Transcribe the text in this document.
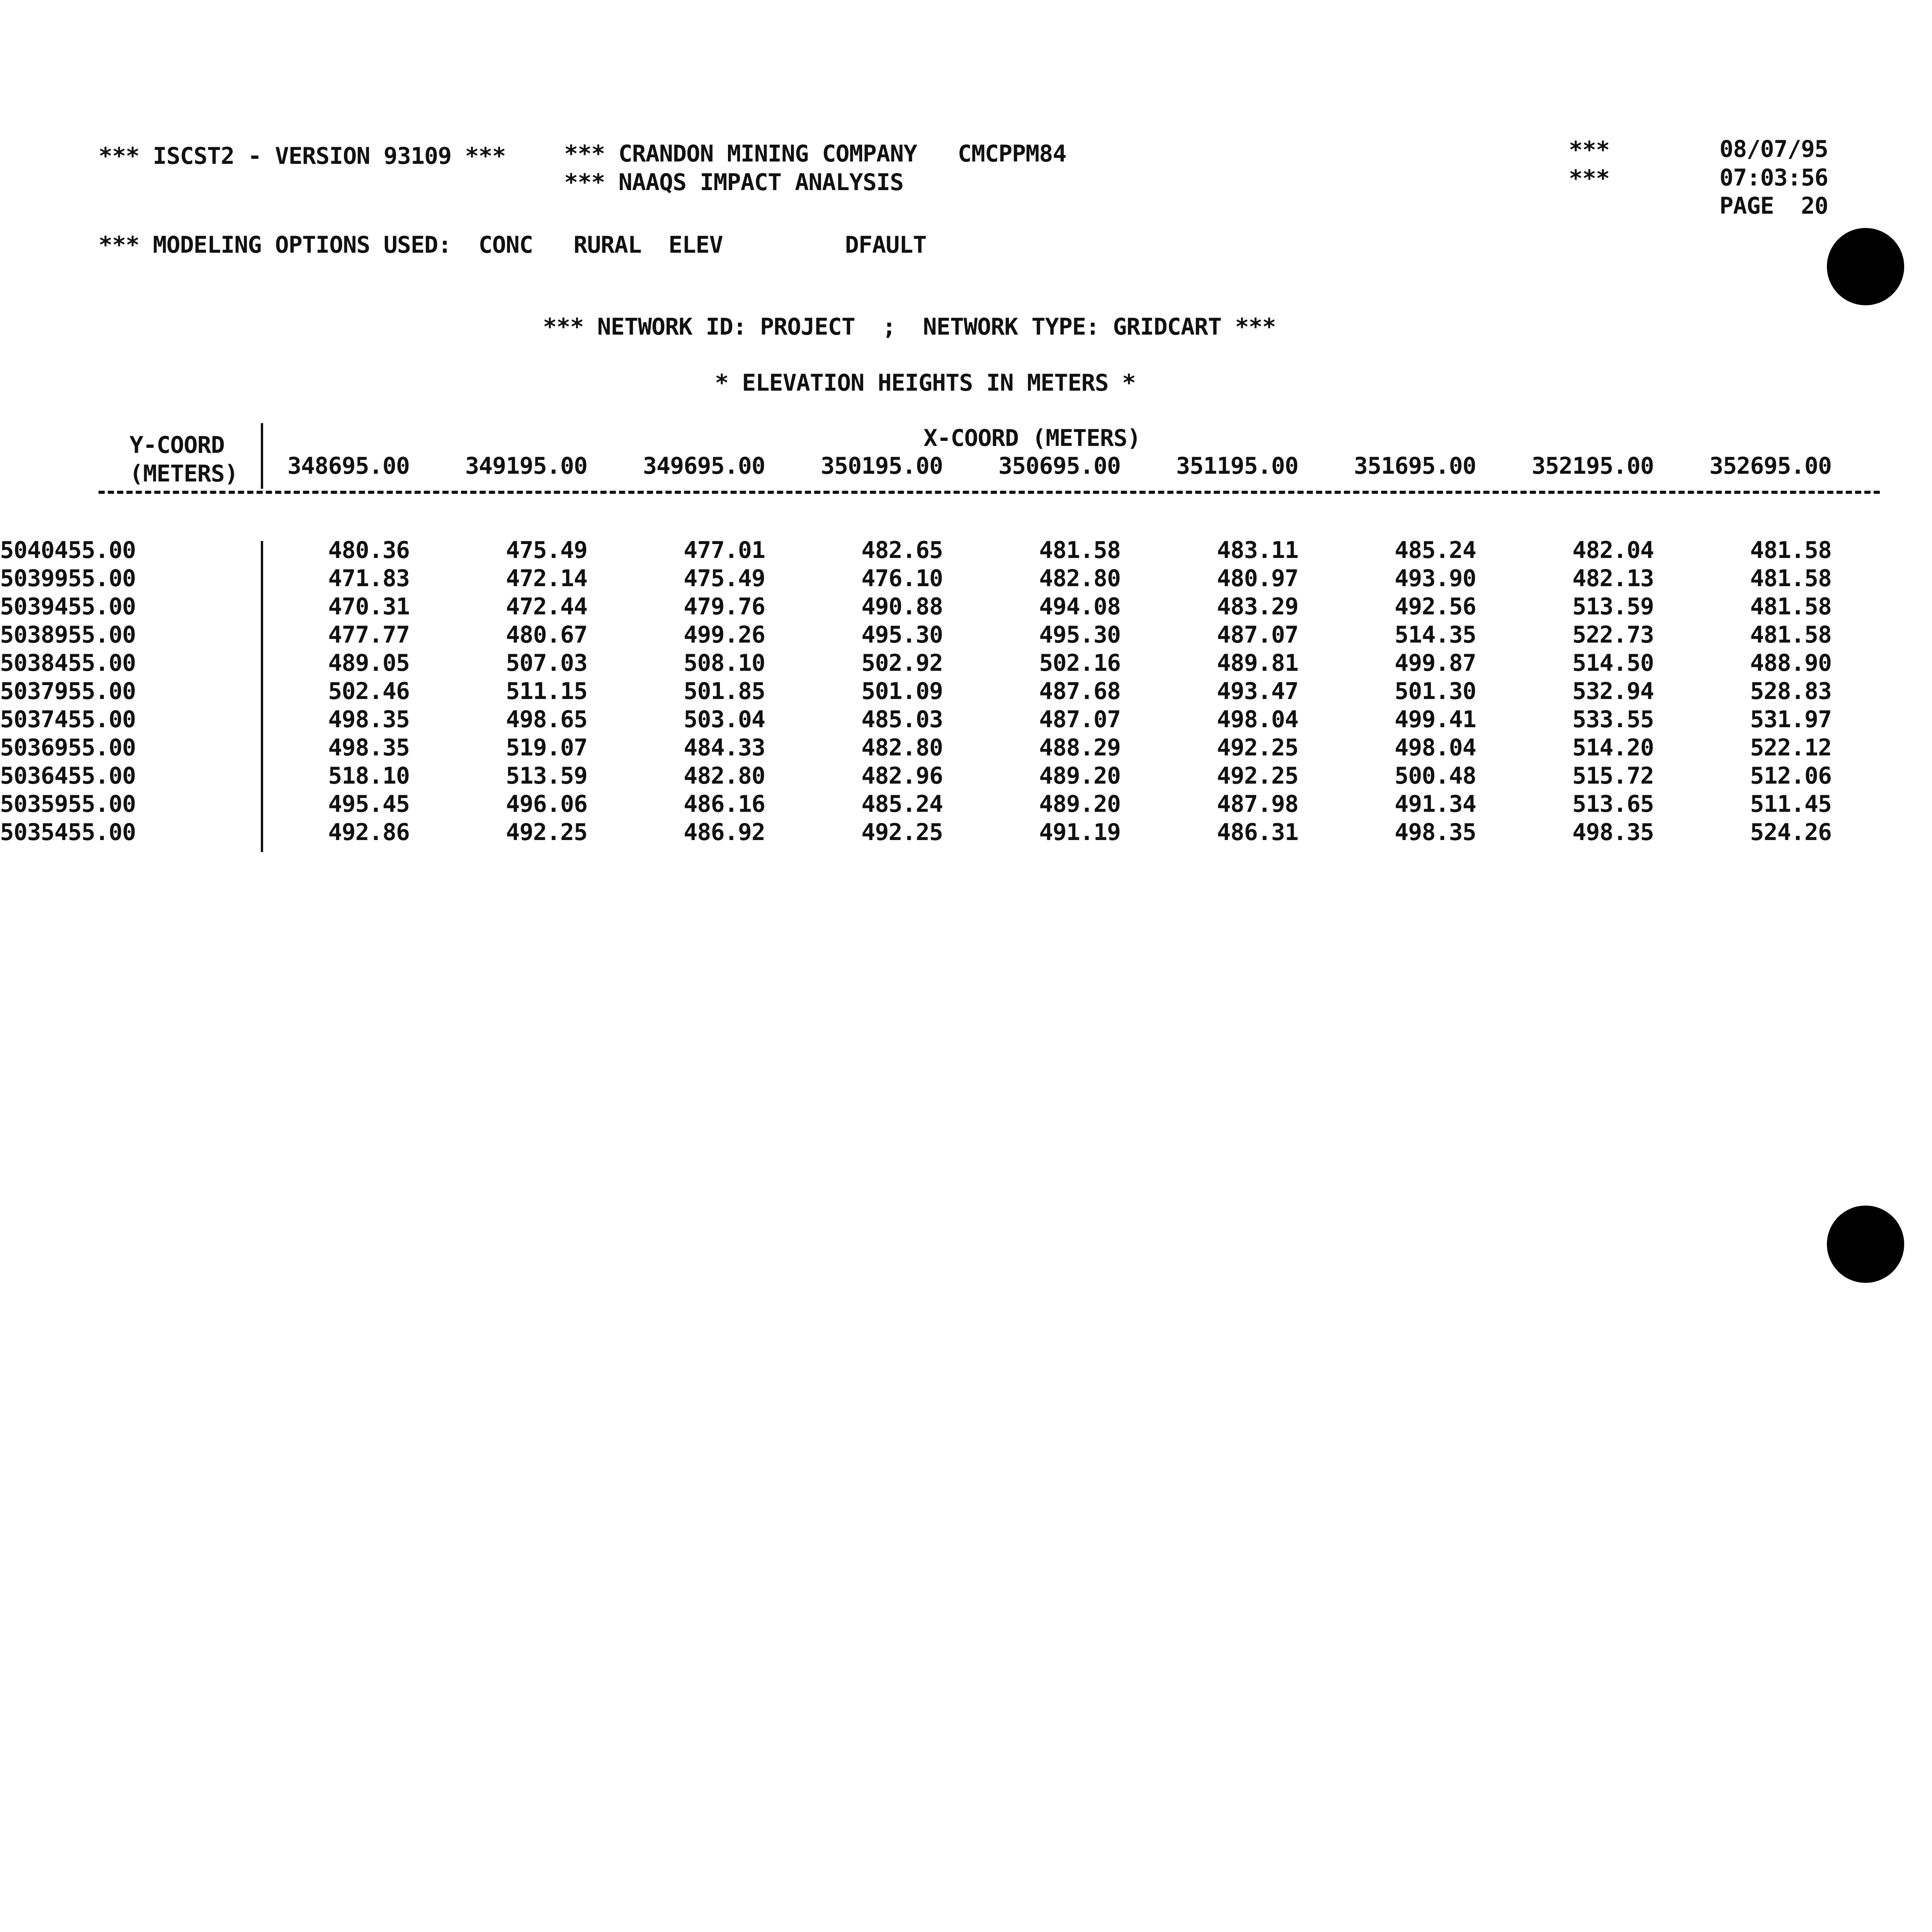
*** ISCST2 - VERSION 93109 ***	*** CRANDON MINING COMPANY   CMCPPM84
*** NAAQS IMPACT ANALYSIS
***
***
08/07/95
07:03:56
PAGE  20
*** MODELING OPTIONS USED:  CONC   RURAL  ELEV         DFAULT
*** NETWORK ID: PROJECT  ;  NETWORK TYPE: GRIDCART ***
* ELEVATION HEIGHTS IN METERS *
Y-COORD
(METERS)
X-COORD (METERS)
348695.00	349195.00	349695.00	350195.00	350695.00	351195.00	351695.00	352195.00	352695.00
5040455.00	480.36	475.49	477.01	482.65	481.58	483.11	485.24	482.04	481.58
5039955.00	471.83	472.14	475.49	476.10	482.80	480.97	493.90	482.13	481.58
5039455.00	470.31	472.44	479.76	490.88	494.08	483.29	492.56	513.59	481.58
5038955.00	477.77	480.67	499.26	495.30	495.30	487.07	514.35	522.73	481.58
5038455.00	489.05	507.03	508.10	502.92	502.16	489.81	499.87	514.50	488.90
5037955.00	502.46	511.15	501.85	501.09	487.68	493.47	501.30	532.94	528.83
5037455.00	498.35	498.65	503.04	485.03	487.07	498.04	499.41	533.55	531.97
5036955.00	498.35	519.07	484.33	482.80	488.29	492.25	498.04	514.20	522.12
5036455.00	518.10	513.59	482.80	482.96	489.20	492.25	500.48	515.72	512.06
5035955.00	495.45	496.06	486.16	485.24	489.20	487.98	491.34	513.65	511.45
5035455.00	492.86	492.25	486.92	492.25	491.19	486.31	498.35	498.35	524.26
